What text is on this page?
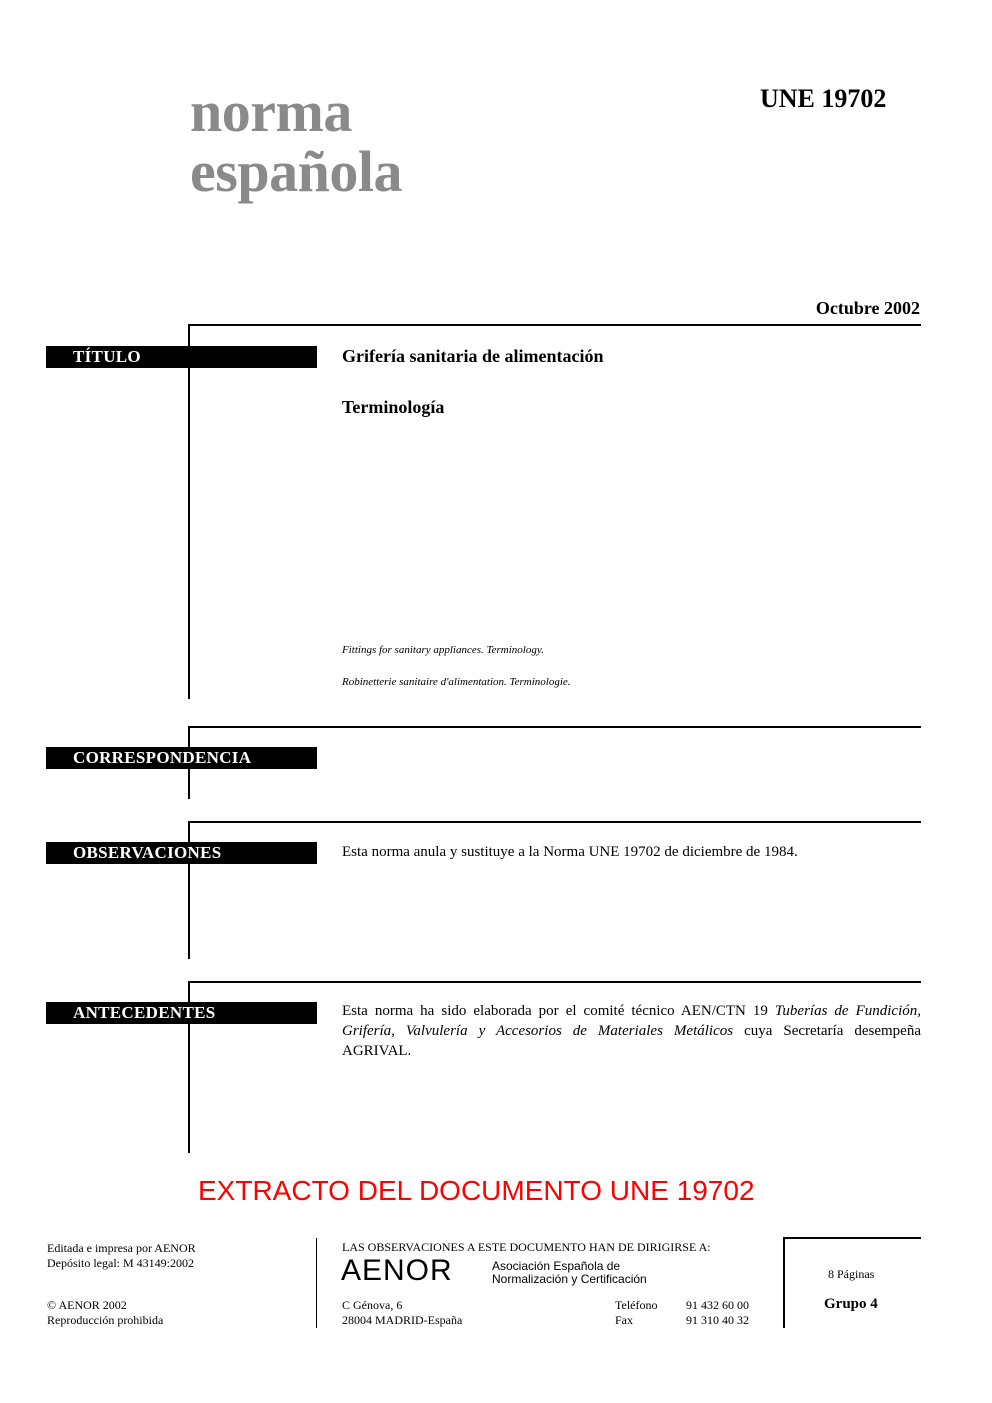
norma
española
UNE 19702
Octubre 2002
TÍTULO	Grifería sanitaria de alimentación
Terminología
Fittings for sanitary appliances. Terminology.
Robinetterie sanitaire d'alimentation. Terminologie.
CORRESPONDENCIA
OBSERVACIONES	Esta norma anula y sustituye a la Norma UNE 19702 de diciembre de 1984.
ANTECEDENTES	Esta norma ha sido elaborada por el comité técnico AEN/CTN 19 Tuberías de Fundición, Grifería, Valvulería y Accesorios de Materiales Metálicos cuya Secretaría desempeña AGRIVAL.
EXTRACTO DEL DOCUMENTO UNE 19702
Editada e impresa por AENOR
Depósito legal: M 43149:2002
© AENOR 2002
Reproducción prohibida
LAS OBSERVACIONES A ESTE DOCUMENTO HAN DE DIRIGIRSE A:
AENOR	Asociación Española de
Normalización y Certificación
C Génova, 6
28004 MADRID-España
Teléfono 91 432 60 00
Fax	91 310 40 32
8 Páginas
Grupo 4
